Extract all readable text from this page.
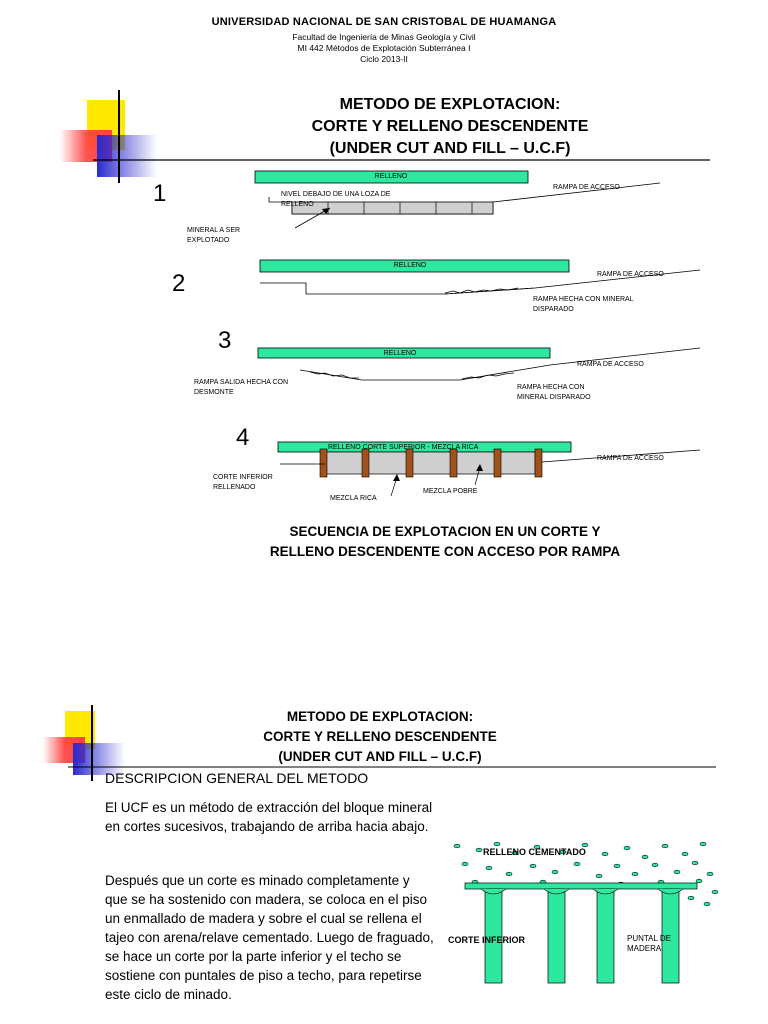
UNIVERSIDAD NACIONAL DE SAN CRISTOBAL DE HUAMANGA
Facultad de Ingeniería de Minas Geología y Civil
MI 442 Métodos de Explotación Subterránea I
Ciclo 2013-II
METODO DE EXPLOTACION:
CORTE Y RELLENO DESCENDENTE
(UNDER CUT AND FILL – U.C.F)
1
2
3
4
RELLENO
RAMPA DE ACCESO
NIVEL DEBAJO DE UNA LOZA DE
RELLENO
MINERAL A SER
EXPLOTADO
RELLENO
RAMPA DE ACCESO
RAMPA HECHA CON MINERAL
DISPARADO
RELLENO
RAMPA DE ACCESO
RAMPA SALIDA HECHA CON
DESMONTE
RAMPA HECHA CON
MINERAL DISPARADO
RELLENO CORTE SUPERIOR - MEZCLA RICA
RAMPA DE ACCESO
CORTE INFERIOR
RELLENADO
MEZCLA RICA
MEZCLA POBRE
SECUENCIA DE EXPLOTACION EN UN CORTE Y
RELLENO DESCENDENTE CON ACCESO POR RAMPA
METODO DE EXPLOTACION:
CORTE Y RELLENO DESCENDENTE
(UNDER CUT AND FILL – U.C.F)
DESCRIPCION GENERAL DEL METODO
El UCF es un método de extracción del bloque mineral en cortes sucesivos, trabajando de arriba hacia abajo.
Después que un corte es minado completamente y que se ha sostenido con madera, se coloca en el piso un enmallado de madera y sobre el cual se rellena el tajeo con arena/relave cementado. Luego de fraguado, se hace un corte por la parte inferior y el techo se sostiene con puntales de piso a techo, para repetirse este ciclo de minado.
RELLENO CEMENTADO
CORTE INFERIOR	PUNTAL DE
MADERA
